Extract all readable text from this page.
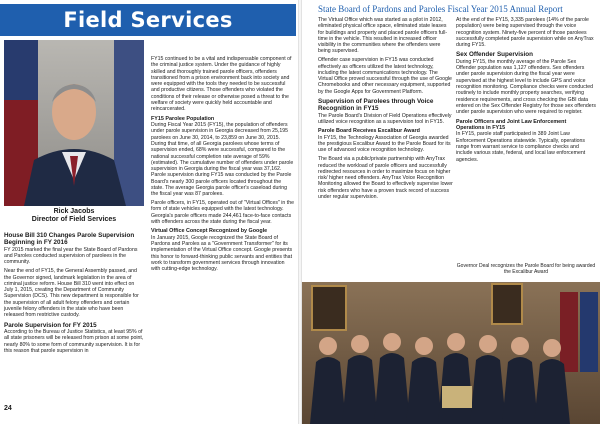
Field Services
Rick Jacobs
Director of Field Services
House Bill 310 Changes Parole Supervision Beginning in FY 2016

FY 2015 marked the final year the State Board of Pardons and Paroles conducted supervision of parolees in the community.

Near the end of FY15, the General Assembly passed, and the Governor signed, landmark legislation in the area of criminal justice reform. House Bill 310 went into effect on July 1, 2015, creating the Department of Community Supervision (DCS). This new department is responsible for the supervision of all adult felony offenders and certain juvenile felony offenders in the state who have been released from restrictive custody.

Parole Supervision for FY 2015

According to the Bureau of Justice Statistics, at least 95% of all state prisoners will be released from prison at some point, nearly 80% to some form of community supervision. It is for this reason that parole supervision in

FY15 continued to be a vital and indispensable component of the criminal justice system. Under the guidance of highly skilled and thoroughly trained parole officers, offenders transitioned from a prison environment back into society and were equipped with the tools they needed to be successful and productive citizens. Those offenders who violated the conditions of their release or otherwise posed a threat to the welfare of society were quickly held accountable and reincarcerated.

FY15 Parolee Population

During Fiscal Year 2015 (FY15), the population of offenders under parole supervision in Georgia decreased from 25,195 parolees on June 30, 2014, to 23,859 on June 30, 2015. During that time, of all Georgia parolees whose terms of supervision ended, 68% were successful, compared to the national successful completion rate average of 59% (estimated). The cumulative number of offenders under parole supervision in Georgia during the fiscal year was 37,162. Parole supervision during FY15 was conducted by the Parole Board's nearly 300 parole officers located throughout the state. The average Georgia parole officer's caseload during the fiscal year was 87 parolees.

Parole officers, in FY15, operated out of "Virtual Offices" in the form of state vehicles equipped with the latest technology. Georgia's parole officers made 244,461 face-to-face contacts with offenders across the state during the fiscal year.

Virtual Office Concept Recognized by Google

In January 2015, Google recognized the State Board of Pardons and Paroles as a "Government Transformer" for its implementation of the Virtual Office concept. Google presents this honor to forward-thinking public servants and entities that work to transform government services through innovation with cutting-edge technology.

24
State Board of Pardons and Paroles Fiscal Year 2015 Annual Report

The Virtual Office which was started as a pilot in 2012, eliminated physical office space, eliminated state leases for buildings and property and placed parole officers full-time in the vehicle. This resulted in increased officer visibility in the communities where the offenders were being supervised.

Offender case supervision in FY15 was conducted effectively as officers utilized the latest technology, including the latest communications technology. The Virtual Office proved successful through the use of Google Chromebooks and other necessary equipment, supported by the Google Apps for Government Platform.

Supervision of Parolees through Voice Recognition in FY15

The Parole Board's Division of Field Operations effectively utilized voice recognition as a supervision tool in FY15.

Parole Board Receives Excalibur Award

In FY15, the Technology Association of Georgia awarded the prestigious Excalibur Award to the Parole Board for its use of advanced voice recognition technology.

The Board via a public/private partnership with AnyTrax reduced the workload of parole officers and successfully redirected resources in order to maximize focus on higher risk/ higher need offenders. AnyTrax Voice Recognition Monitoring allowed the Board to effectively supervise lower risk offenders who have a proven track record of success under regular supervision.

At the end of the FY15, 3,335 parolees (14% of the parole population) were being supervised through the voice recognition system. Ninety-five percent of those parolees successfully completed parole supervision while on AnyTrax during FY15.

Sex Offender Supervision

During FY15, the monthly average of the Parole Sex Offender population was 1,127 offenders. Sex offenders under parole supervision during the fiscal year were supervised at the highest level to include GPS and voice recognition monitoring. Compliance checks were conducted routinely to include monthly property searches, verifying residence requirements, and cross checking the GBI data entered on the Sex Offender Registry for those sex offenders under parole supervision who were required to register.

Parole Officers and Joint Law Enforcement Operations in FY15

In FY15, parole staff participated in 389 Joint Law Enforcement Operations statewide. Typically, operations range from warrant service to compliance checks and include various state, federal, and local law enforcement agencies.

Governor Deal recognizes the Parole Board for being awarded the Excalibur Award
